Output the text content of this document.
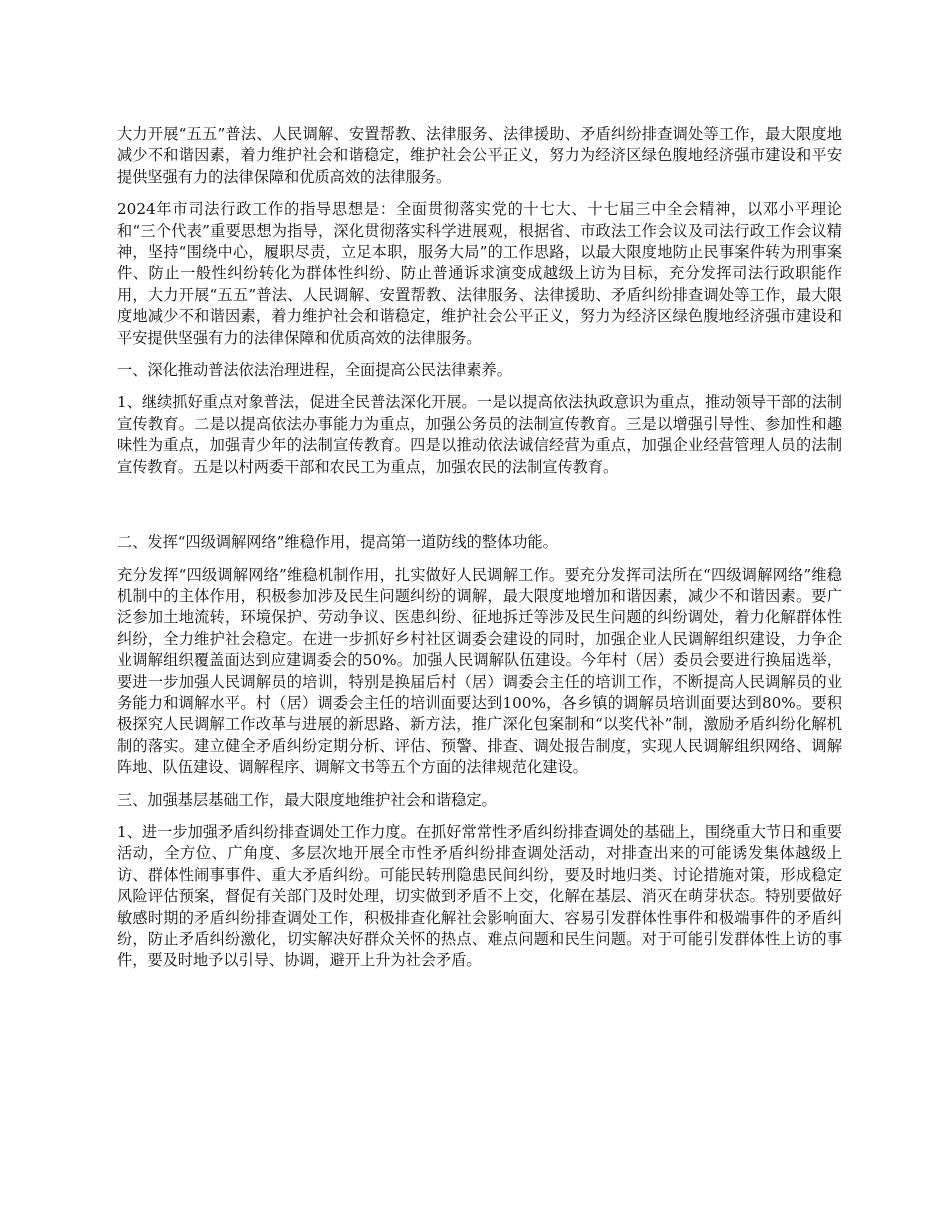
大力开展“五五”普法、人民调解、安置帮教、法律服务、法律援助、矛盾纠纷排查调处等工作，最大限度地减少不和谐因素，着力维护社会和谐稳定，维护社会公平正义，努力为经济区绿色腹地经济强市建设和平安提供坚强有力的法律保障和优质高效的法律服务。

2024年市司法行政工作的指导思想是：全面贯彻落实党的十七大、十七届三中全会精神，以邓小平理论和“三个代表”重要思想为指导，深化贯彻落实科学进展观，根据省、市政法工作会议及司法行政工作会议精神，坚持“围绕中心，履职尽责，立足本职，服务大局”的工作思路，以最大限度地防止民事案件转为刑事案件、防止一般性纠纷转化为群体性纠纷、防止普通诉求演变成越级上访为目标，充分发挥司法行政职能作用，大力开展“五五”普法、人民调解、安置帮教、法律服务、法律援助、矛盾纠纷排查调处等工作，最大限度地减少不和谐因素，着力维护社会和谐稳定，维护社会公平正义，努力为经济区绿色腹地经济强市建设和平安提供坚强有力的法律保障和优质高效的法律服务。

一、深化推动普法依法治理进程，全面提高公民法律素养。

1、继续抓好重点对象普法，促进全民普法深化开展。一是以提高依法执政意识为重点，推动领导干部的法制宣传教育。二是以提高依法办事能力为重点，加强公务员的法制宣传教育。三是以增强引导性、参加性和趣味性为重点，加强青少年的法制宣传教育。四是以推动依法诚信经营为重点，加强企业经营管理人员的法制宣传教育。五是以村两委干部和农民工为重点，加强农民的法制宣传教育。

二、发挥“四级调解网络”维稳作用，提高第一道防线的整体功能。

充分发挥“四级调解网络”维稳机制作用，扎实做好人民调解工作。要充分发挥司法所在“四级调解网络”维稳机制中的主体作用，积极参加涉及民生问题纠纷的调解，最大限度地增加和谐因素，减少不和谐因素。要广泛参加土地流转，环境保护、劳动争议、医患纠纷、征地拆迁等涉及民生问题的纠纷调处，着力化解群体性纠纷，全力维护社会稳定。在进一步抓好乡村社区调委会建设的同时，加强企业人民调解组织建设，力争企业调解组织覆盖面达到应建调委会的50%。加强人民调解队伍建设。今年村（居）委员会要进行换届选举，要进一步加强人民调解员的培训，特别是换届后村（居）调委会主任的培训工作，不断提高人民调解员的业务能力和调解水平。村（居）调委会主任的培训面要达到100%，各乡镇的调解员培训面要达到80%。要积极探究人民调解工作改革与进展的新思路、新方法，推广深化包案制和“以奖代补”制，激励矛盾纠纷化解机制的落实。建立健全矛盾纠纷定期分析、评估、预警、排查、调处报告制度，实现人民调解组织网络、调解阵地、队伍建设、调解程序、调解文书等五个方面的法律规范化建设。

三、加强基层基础工作，最大限度地维护社会和谐稳定。

1、进一步加强矛盾纠纷排查调处工作力度。在抓好常常性矛盾纠纷排查调处的基础上，围绕重大节日和重要活动，全方位、广角度、多层次地开展全市性矛盾纠纷排查调处活动，对排查出来的可能诱发集体越级上访、群体性闹事事件、重大矛盾纠纷。可能民转刑隐患民间纠纷，要及时地归类、讨论措施对策，形成稳定风险评估预案，督促有关部门及时处理，切实做到矛盾不上交，化解在基层、消灭在萌芽状态。特别要做好敏感时期的矛盾纠纷排查调处工作，积极排查化解社会影响面大、容易引发群体性事件和极端事件的矛盾纠纷，防止矛盾纠纷激化，切实解决好群众关怀的热点、难点问题和民生问题。对于可能引发群体性上访的事件，要及时地予以引导、协调，避开上升为社会矛盾。
